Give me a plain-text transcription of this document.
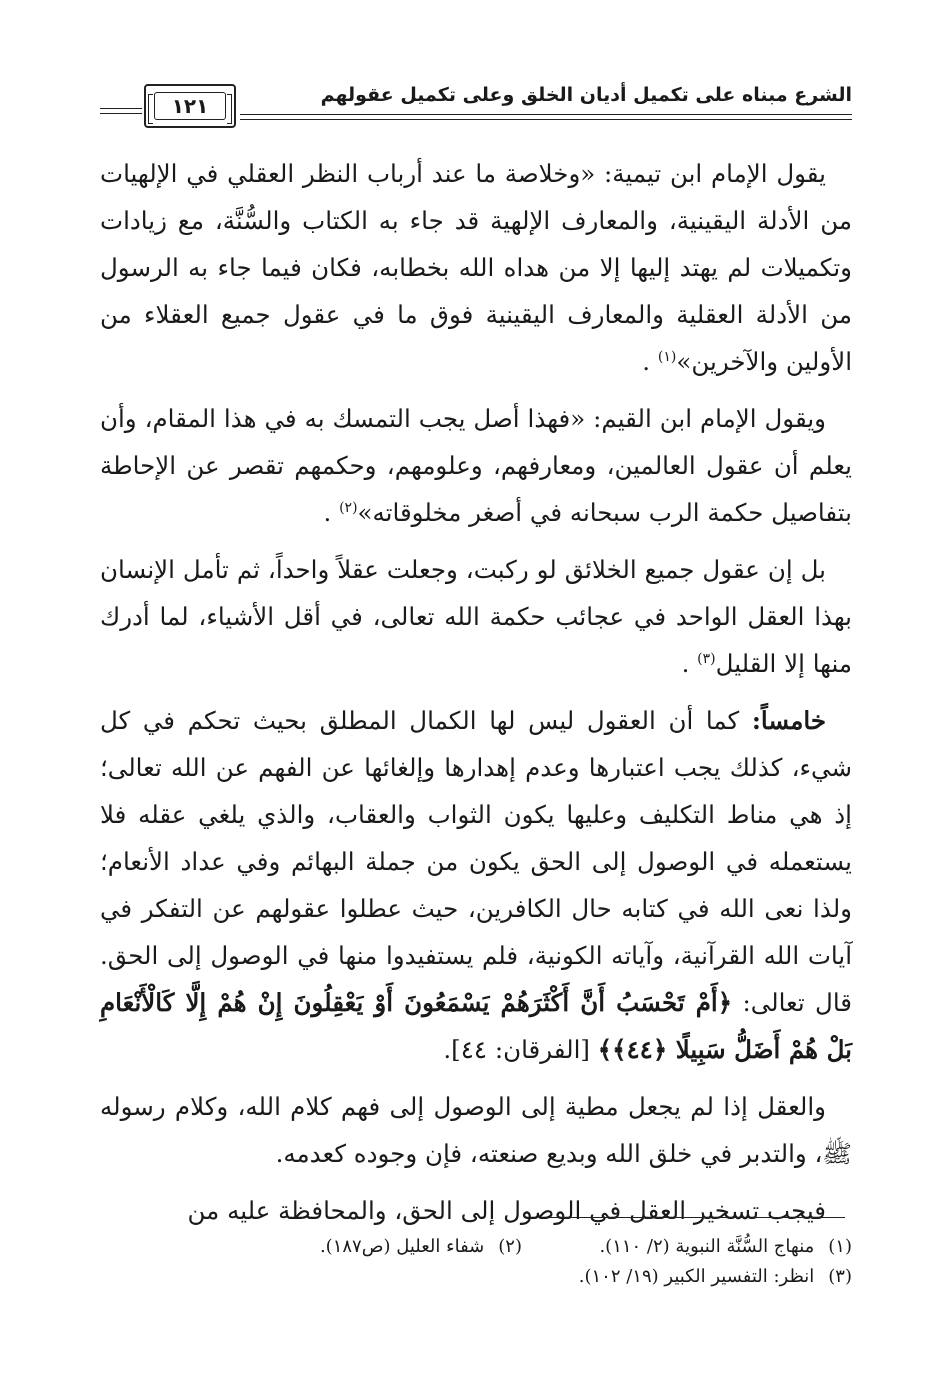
الشرع مبناه على تكميل أديان الخلق وعلى تكميل عقولهم
١٢١

يقول الإمام ابن تيمية: «وخلاصة ما عند أرباب النظر العقلي في الإلهيات من الأدلة اليقينية، والمعارف الإلهية قد جاء به الكتاب والسُّنَّة، مع زيادات وتكميلات لم يهتد إليها إلا من هداه الله بخطابه، فكان فيما جاء به الرسول من الأدلة العقلية والمعارف اليقينية فوق ما في عقول جميع العقلاء من الأولين والآخرين»$^{(١)}$ .

ويقول الإمام ابن القيم: «فهذا أصل يجب التمسك به في هذا المقام، وأن يعلم أن عقول العالمين، ومعارفهم، وعلومهم، وحكمهم تقصر عن الإحاطة بتفاصيل حكمة الرب سبحانه في أصغر مخلوقاته»$^{(٢)}$ .

بل إن عقول جميع الخلائق لو ركبت، وجعلت عقلاً واحداً، ثم تأمل الإنسان بهذا العقل الواحد في عجائب حكمة الله تعالى، في أقل الأشياء، لما أدرك منها إلا القليل$^{(٣)}$ .

خامساً: كما أن العقول ليس لها الكمال المطلق بحيث تحكم في كل شيء، كذلك يجب اعتبارها وعدم إهدارها وإلغائها عن الفهم عن الله تعالى؛ إذ هي مناط التكليف وعليها يكون الثواب والعقاب، والذي يلغي عقله فلا يستعمله في الوصول إلى الحق يكون من جملة البهائم وفي عداد الأنعام؛ ولذا نعى الله في كتابه حال الكافرين، حيث عطلوا عقولهم عن التفكر في آيات الله القرآنية، وآياته الكونية، فلم يستفيدوا منها في الوصول إلى الحق. قال تعالى: ﴿أَمْ تَحْسَبُ أَنَّ أَكْثَرَهُمْ يَسْمَعُونَ أَوْ يَعْقِلُونَ إِنْ هُمْ إِلَّا كَالْأَنْعَامِ بَلْ هُمْ أَضَلُّ سَبِيلًا ﴿٤٤﴾﴾ [الفرقان: ٤٤].

والعقل إذا لم يجعل مطية إلى الوصول إلى فهم كلام الله، وكلام رسوله ﷺ، والتدبر في خلق الله وبديع صنعته، فإن وجوده كعدمه.

فيجب تسخير العقل في الوصول إلى الحق، والمحافظة عليه من

(١)منهاج السُّنَّة النبوية (٢/ ١١٠).
(٢)شفاء العليل (ص١٨٧).
(٣)انظر: التفسير الكبير (١٩/ ١٠٢).
